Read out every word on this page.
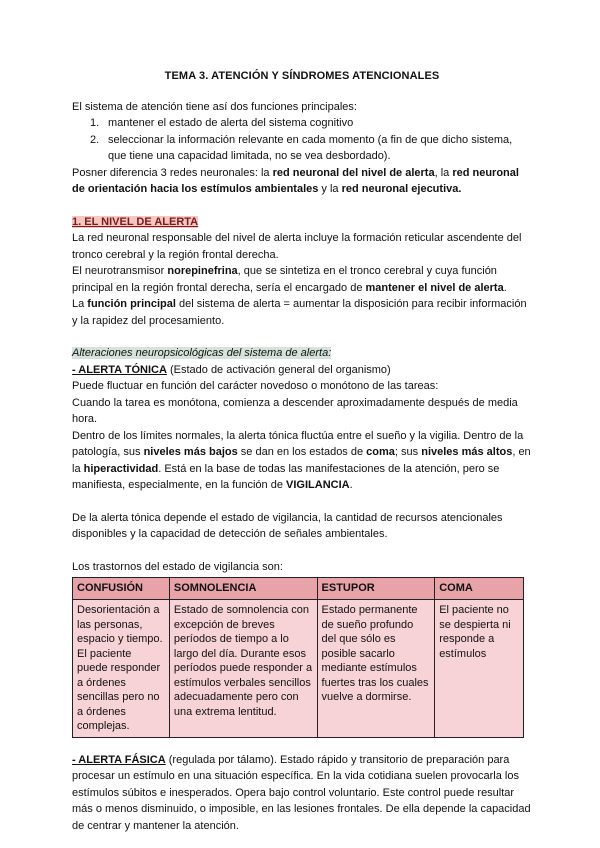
TEMA 3. ATENCIÓN Y SÍNDROMES ATENCIONALES

El sistema de atención tiene así dos funciones principales:

1. mantener el estado de alerta del sistema cognitivo
2. seleccionar la información relevante en cada momento (a fin de que dicho sistema, que tiene una capacidad limitada, no se vea desbordado).

Posner diferencia 3 redes neuronales: la red neuronal del nivel de alerta, la red neuronal de orientación hacia los estímulos ambientales y la red neuronal ejecutiva.

1. EL NIVEL DE ALERTA

La red neuronal responsable del nivel de alerta incluye la formación reticular ascendente del tronco cerebral y la región frontal derecha.

El neurotransmisor norepinefrina, que se sintetiza en el tronco cerebral y cuya función principal en la región frontal derecha, sería el encargado de mantener el nivel de alerta.

La función principal del sistema de alerta = aumentar la disposición para recibir información y la rapidez del procesamiento.

Alteraciones neuropsicológicas del sistema de alerta:

- ALERTA TÓNICA (Estado de activación general del organismo)

Puede fluctuar en función del carácter novedoso o monótono de las tareas:

Cuando la tarea es monótona, comienza a descender aproximadamente después de media hora.

Dentro de los límites normales, la alerta tónica fluctúa entre el sueño y la vigilia. Dentro de la patología, sus niveles más bajos se dan en los estados de coma; sus niveles más altos, en la hiperactividad. Está en la base de todas las manifestaciones de la atención, pero se manifiesta, especialmente, en la función de VIGILANCIA.

De la alerta tónica depende el estado de vigilancia, la cantidad de recursos atencionales disponibles y la capacidad de detección de señales ambientales.

Los trastornos del estado de vigilancia son:

CONFUSIÓN	SOMNOLENCIA	ESTUPOR	COMA
Desorientación a las personas, espacio y tiempo. El paciente puede responder a órdenes sencillas pero no a órdenes complejas.	Estado de somnolencia con excepción de breves períodos de tiempo a lo largo del día. Durante esos períodos puede responder a estímulos verbales sencillos adecuadamente pero con una extrema lentitud.	Estado permanente de sueño profundo del que sólo es posible sacarlo mediante estímulos fuertes tras los cuales vuelve a dormirse.	El paciente no se despierta ni responde a estímulos

- ALERTA FÁSICA (regulada por tálamo). Estado rápido y transitorio de preparación para procesar un estímulo en una situación específica. En la vida cotidiana suelen provocarla los estímulos súbitos e inesperados. Opera bajo control voluntario. Este control puede resultar más o menos disminuido, o imposible, en las lesiones frontales. De ella depende la capacidad de centrar y mantener la atención.
